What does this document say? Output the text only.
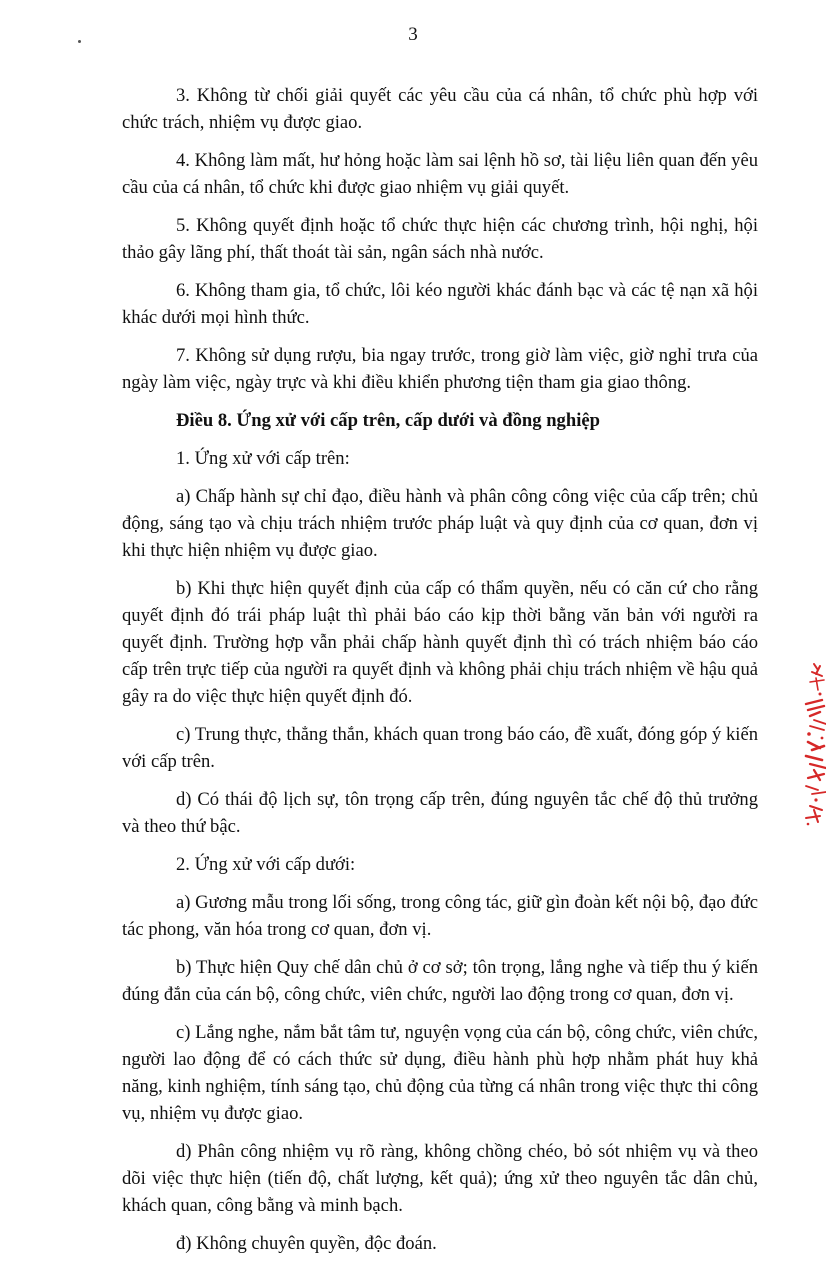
3

3. Không từ chối giải quyết các yêu cầu của cá nhân, tổ chức phù hợp với chức trách, nhiệm vụ được giao.

4. Không làm mất, hư hỏng hoặc làm sai lệnh hồ sơ, tài liệu liên quan đến yêu cầu của cá nhân, tổ chức khi được giao nhiệm vụ giải quyết.

5. Không quyết định hoặc tổ chức thực hiện các chương trình, hội nghị, hội thảo gây lãng phí, thất thoát tài sản, ngân sách nhà nước.

6. Không tham gia, tổ chức, lôi kéo người khác đánh bạc và các tệ nạn xã hội khác dưới mọi hình thức.

7. Không sử dụng rượu, bia ngay trước, trong giờ làm việc, giờ nghỉ trưa của ngày làm việc, ngày trực và khi điều khiển phương tiện tham gia giao thông.

Điều 8. Ứng xử với cấp trên, cấp dưới và đồng nghiệp

1. Ứng xử với cấp trên:

a) Chấp hành sự chỉ đạo, điều hành và phân công công việc của cấp trên; chủ động, sáng tạo và chịu trách nhiệm trước pháp luật và quy định của cơ quan, đơn vị khi thực hiện nhiệm vụ được giao.

b) Khi thực hiện quyết định của cấp có thẩm quyền, nếu có căn cứ cho rằng quyết định đó trái pháp luật thì phải báo cáo kịp thời bằng văn bản với người ra quyết định. Trường hợp vẫn phải chấp hành quyết định thì có trách nhiệm báo cáo cấp trên trực tiếp của người ra quyết định và không phải chịu trách nhiệm về hậu quả gây ra do việc thực hiện quyết định đó.

c) Trung thực, thẳng thắn, khách quan trong báo cáo, đề xuất, đóng góp ý kiến với cấp trên.

d) Có thái độ lịch sự, tôn trọng cấp trên, đúng nguyên tắc chế độ thủ trưởng và theo thứ bậc.

2. Ứng xử với cấp dưới:

a) Gương mẫu trong lối sống, trong công tác, giữ gìn đoàn kết nội bộ, đạo đức tác phong, văn hóa trong cơ quan, đơn vị.

b) Thực hiện Quy chế dân chủ ở cơ sở; tôn trọng, lắng nghe và tiếp thu ý kiến đúng đắn của cán bộ, công chức, viên chức, người lao động trong cơ quan, đơn vị.

c) Lắng nghe, nắm bắt tâm tư, nguyện vọng của cán bộ, công chức, viên chức, người lao động để có cách thức sử dụng, điều hành phù hợp nhằm phát huy khả năng, kinh nghiệm, tính sáng tạo, chủ động của từng cá nhân trong việc thực thi công vụ, nhiệm vụ được giao.

d) Phân công nhiệm vụ rõ ràng, không chồng chéo, bỏ sót nhiệm vụ và theo dõi việc thực hiện (tiến độ, chất lượng, kết quả); ứng xử theo nguyên tắc dân chủ, khách quan, công bằng và minh bạch.

đ) Không chuyên quyền, độc đoán.
